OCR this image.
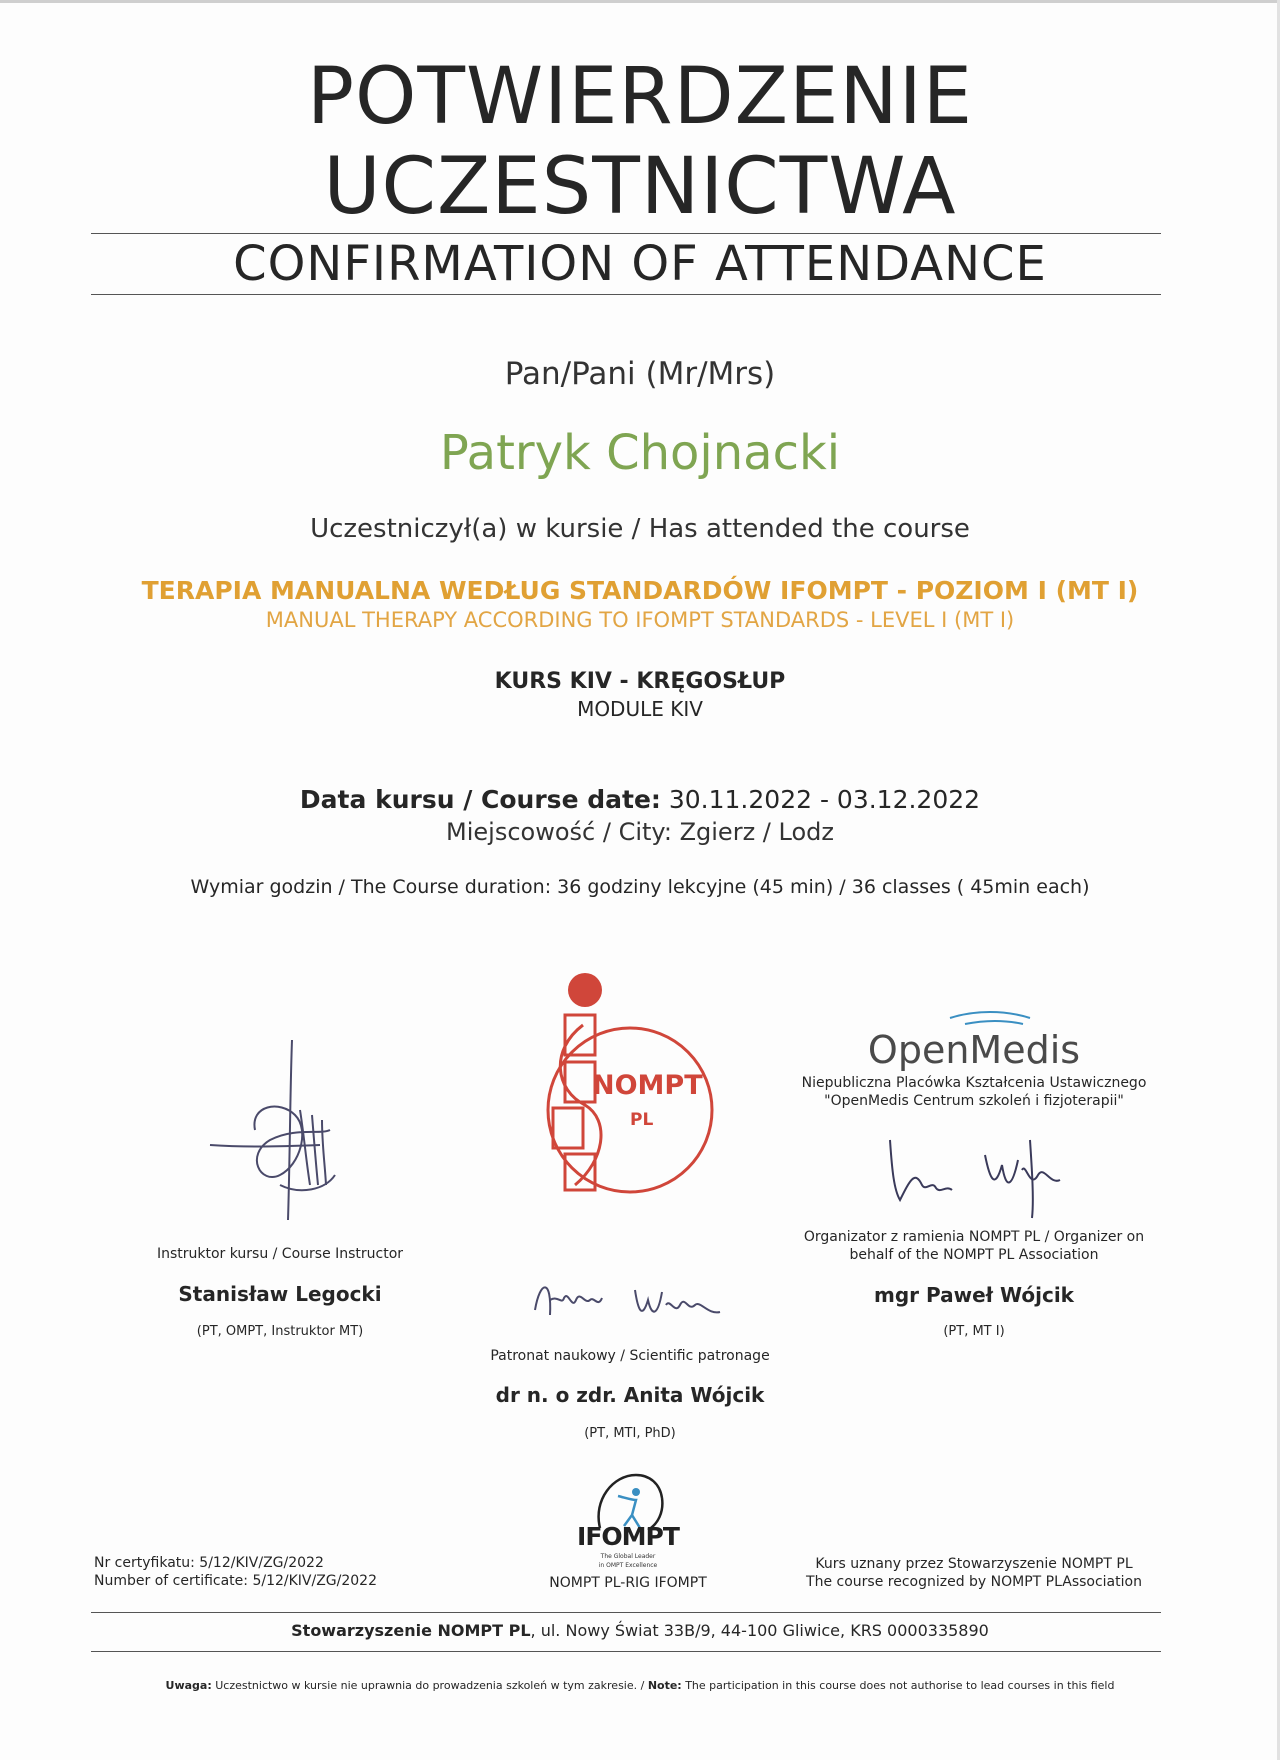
POTWIERDZENIE
UCZESTNICTWA
CONFIRMATION OF ATTENDANCE
Pan/Pani (Mr/Mrs)
Patryk Chojnacki
Uczestniczył(a) w kursie / Has attended the course
TERAPIA MANUALNA WEDŁUG STANDARDÓW IFOMPT - POZIOM I (MT I)
MANUAL THERAPY ACCORDING TO IFOMPT STANDARDS - LEVEL I (MT I)
KURS KIV - KRĘGOSŁUP
MODULE KIV
Data kursu / Course date: 30.11.2022 - 03.12.2022
Miejscowość / City: Zgierz / Lodz
Wymiar godzin / The Course duration: 36 godziny lekcyjne (45 min) / 36 classes ( 45min each)
Instruktor kursu / Course Instructor
Stanisław Legocki
(PT, OMPT, Instruktor MT)
NOMPT
PL
Patronat naukowy / Scientific patronage
dr n. o zdr. Anita Wójcik
(PT, MTI, PhD)
OpenMedis
Niepubliczna Placówka Kształcenia Ustawicznego
"OpenMedis Centrum szkoleń i fizjoterapii"
Organizator z ramienia NOMPT PL / Organizer on
behalf of the NOMPT PL Association
mgr Paweł Wójcik
(PT, MT I)
IFOMPT
The Global Leader
in OMPT Excellence
NOMPT PL-RIG IFOMPT
Nr certyfikatu: 5/12/KIV/ZG/2022
Number of certificate: 5/12/KIV/ZG/2022
Kurs uznany przez Stowarzyszenie NOMPT PL
The course recognized by NOMPT PLAssociation
Stowarzyszenie NOMPT PL, ul. Nowy Świat 33B/9, 44-100 Gliwice, KRS 0000335890
Uwaga: Uczestnictwo w kursie nie uprawnia do prowadzenia szkoleń w tym zakresie. / Note: The participation in this course does not authorise to lead courses in this field
